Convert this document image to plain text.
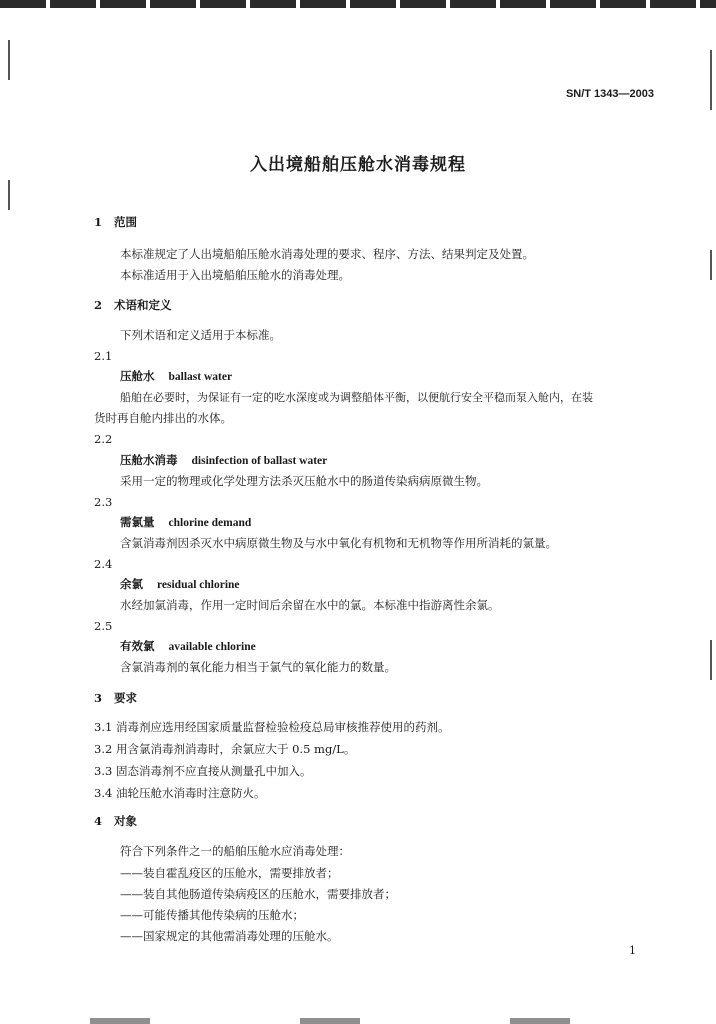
SN/T 1343—2003
入出境船舶压舱水消毒规程
1 范围
本标准规定了人出境船舶压舱水消毒处理的要求、程序、方法、结果判定及处置。
本标准适用于入出境船舶压舱水的消毒处理。
2 术语和定义
下列术语和定义适用于本标准。
2.1
压舱水 ballast water
船舶在必要时，为保证有一定的吃水深度或为调整船体平衡，以便航行安全平稳而泵入舱内，在装
货时再自舱内排出的水体。
2.2
压舱水消毒 disinfection of ballast water
采用一定的物理或化学处理方法杀灭压舱水中的肠道传染病病原微生物。
2.3
需氯量 chlorine demand
含氯消毒剂因杀灭水中病原微生物及与水中氧化有机物和无机物等作用所消耗的氯量。
2.4
余氯 residual chlorine
水经加氯消毒，作用一定时间后余留在水中的氯。本标准中指游离性余氯。
2.5
有效氯 available chlorine
含氯消毒剂的氧化能力相当于氯气的氧化能力的数量。
3 要求
3.1 消毒剂应选用经国家质量监督检验检疫总局审核推荐使用的药剂。
3.2 用含氯消毒剂消毒时，余氯应大于 0.5 mg/L。
3.3 固态消毒剂不应直接从测量孔中加入。
3.4 油轮压舱水消毒时注意防火。
4 对象
符合下列条件之一的船舶压舱水应消毒处理：
——装自霍乱疫区的压舱水，需要排放者；
——装自其他肠道传染病疫区的压舱水，需要排放者；
——可能传播其他传染病的压舱水；
——国家规定的其他需消毒处理的压舱水。
1
